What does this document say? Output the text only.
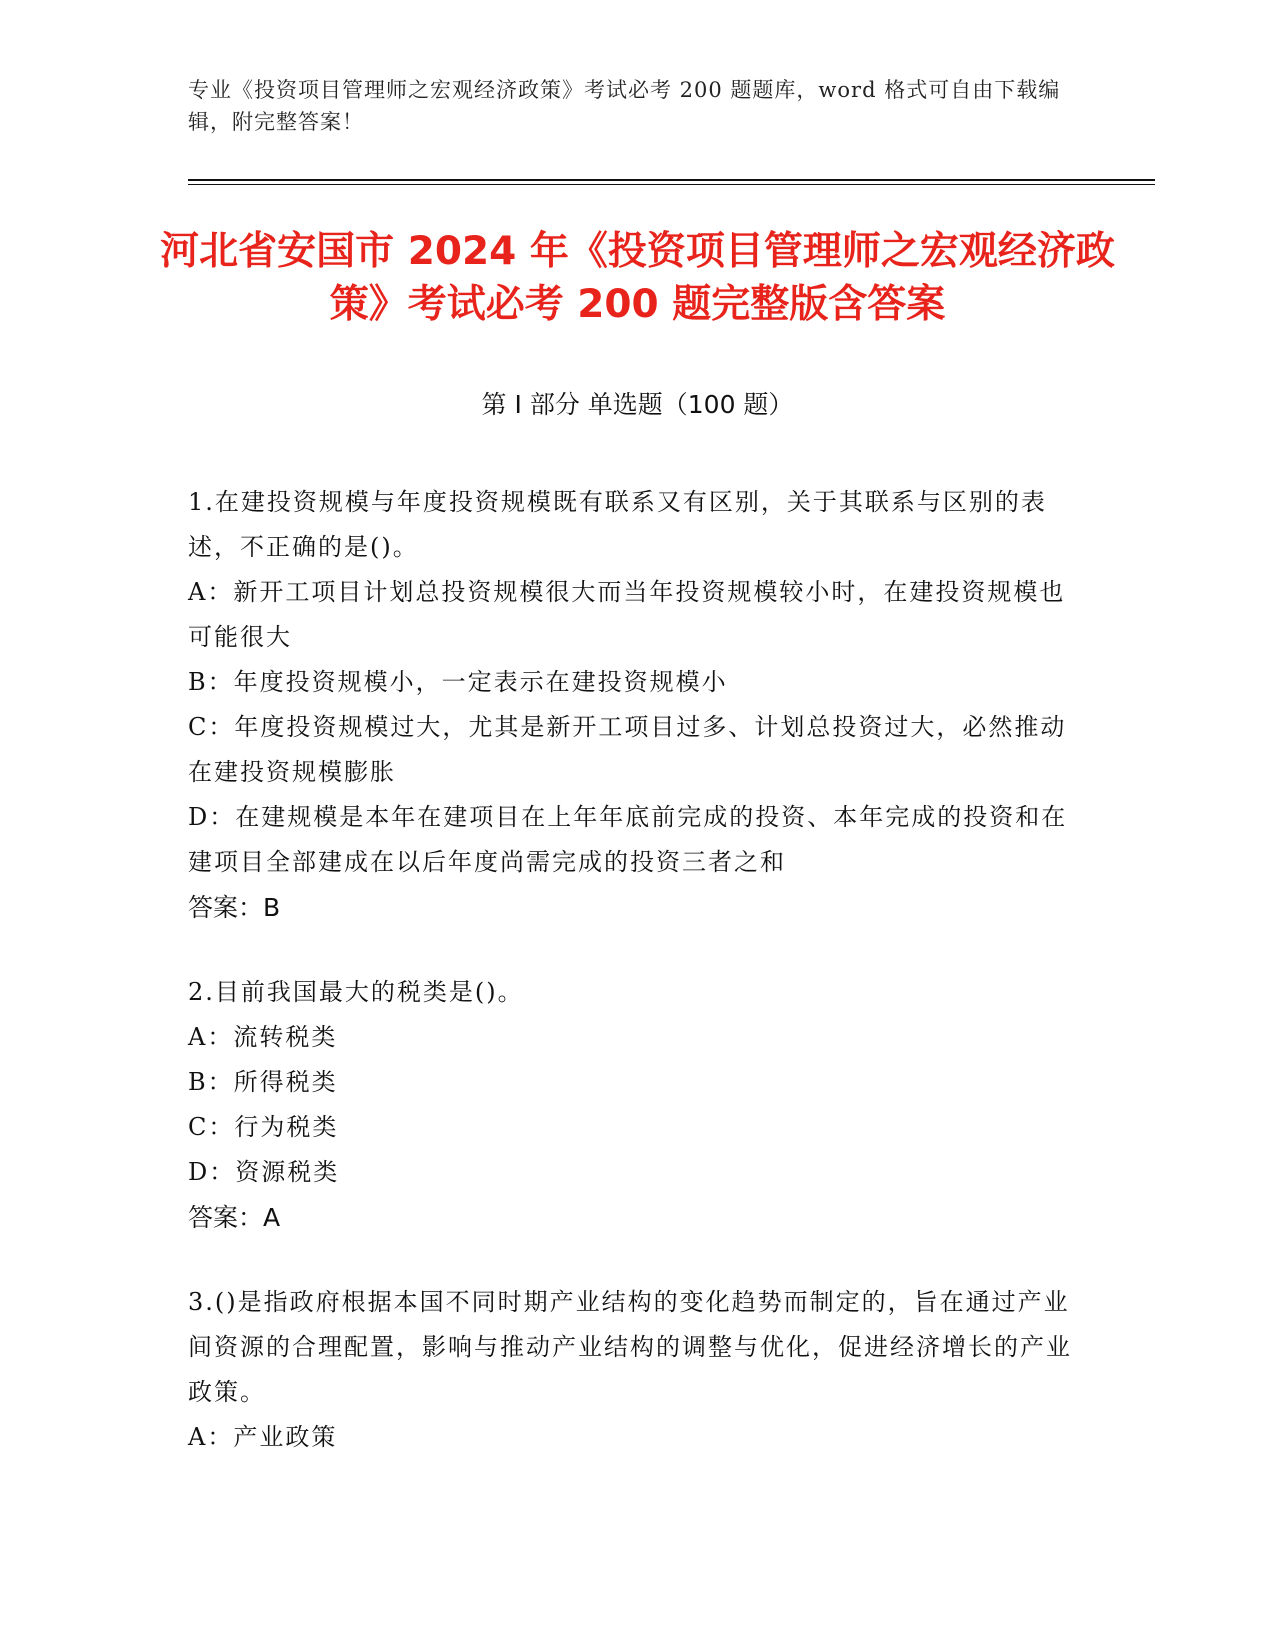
专业《投资项目管理师之宏观经济政策》考试必考 200 题题库，word 格式可自由下载编辑，附完整答案！
河北省安国市 2024 年《投资项目管理师之宏观经济政策》考试必考 200 题完整版含答案
第 I 部分 单选题（100 题）

1.在建投资规模与年度投资规模既有联系又有区别，关于其联系与区别的表述，不正确的是()。

A：新开工项目计划总投资规模很大而当年投资规模较小时，在建投资规模也可能很大

B：年度投资规模小，一定表示在建投资规模小

C：年度投资规模过大，尤其是新开工项目过多、计划总投资过大，必然推动在建投资规模膨胀

D：在建规模是本年在建项目在上年年底前完成的投资、本年完成的投资和在建项目全部建成在以后年度尚需完成的投资三者之和

答案：B

2.目前我国最大的税类是()。

A：流转税类

B：所得税类

C：行为税类

D：资源税类

答案：A

3.()是指政府根据本国不同时期产业结构的变化趋势而制定的，旨在通过产业间资源的合理配置，影响与推动产业结构的调整与优化，促进经济增长的产业政策。

A：产业政策
